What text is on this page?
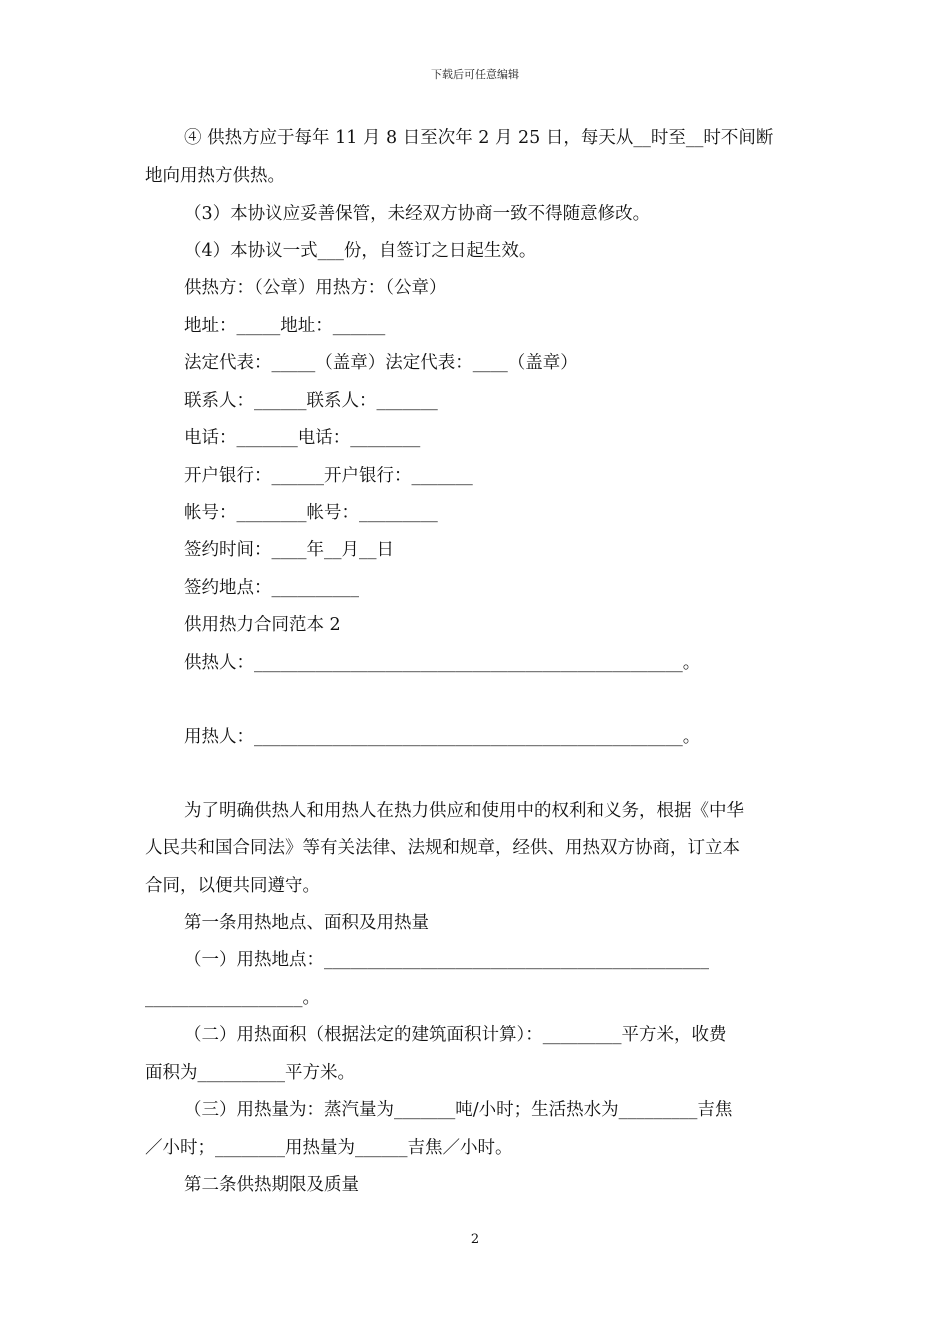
下载后可任意编辑
④ 供热方应于每年 11 月 8 日至次年 2 月 25 日，每天从__时至__时不间断
地向用热方供热。
（3）本协议应妥善保管，未经双方协商一致不得随意修改。
（4）本协议一式___份，自签订之日起生效。
供热方：（公章）用热方：（公章）
地址：_____地址：______
法定代表：_____（盖章）法定代表：____（盖章）
联系人：______联系人：_______
电话：_______电话：________
开户银行：______开户银行：_______
帐号：________帐号：_________
签约时间：____年__月__日
签约地点：__________
供用热力合同范本 2
供热人：_________________________________________________。
用热人：_________________________________________________。
为了明确供热人和用热人在热力供应和使用中的权利和义务，根据《中华
人民共和国合同法》等有关法律、法规和规章，经供、用热双方协商，订立本
合同，以便共同遵守。
第一条用热地点、面积及用热量
（一）用热地点：____________________________________________
__________________。
（二）用热面积（根据法定的建筑面积计算）：_________平方米，收费
面积为__________平方米。
（三）用热量为：蒸汽量为_______吨/小时；生活热水为_________吉焦
／小时；________用热量为______吉焦／小时。
第二条供热期限及质量
2
